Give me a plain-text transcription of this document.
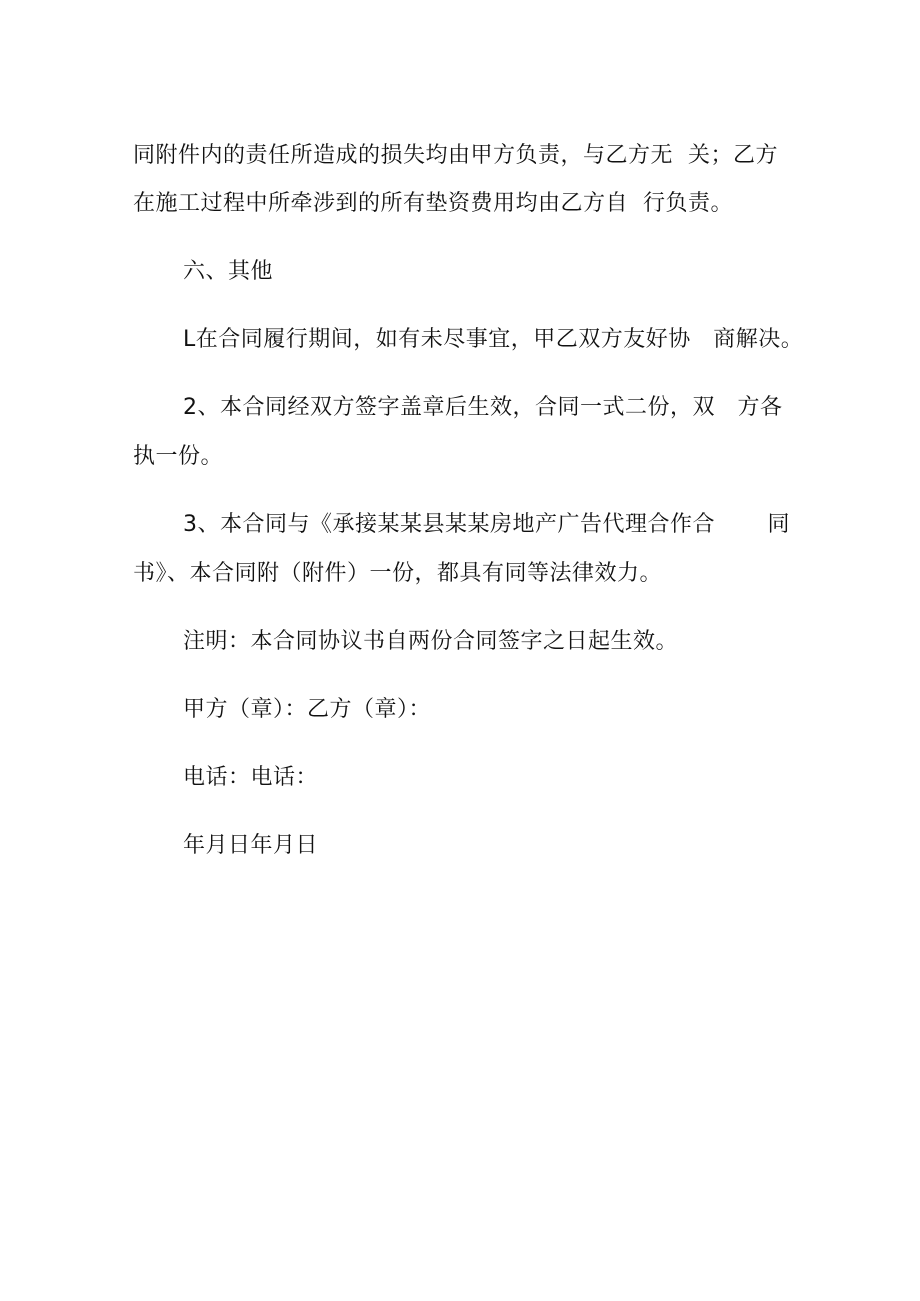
同附件内的责任所造成的损失均由甲方负责，与乙方无  关；乙方
在施工过程中所牵涉到的所有垫资费用均由乙方自  行负责。
六、其他
L在合同履行期间，如有未尽事宜，甲乙双方友好协   商解决。
2、本合同经双方签字盖章后生效，合同一式二份，双   方各
执一份。
3、本合同与《承接某某县某某房地产广告代理合作合       同
书》、本合同附（附件）一份，都具有同等法律效力。
注明：本合同协议书自两份合同签字之日起生效。
甲方（章）：乙方（章）：
电话：电话：
年月日年月日
